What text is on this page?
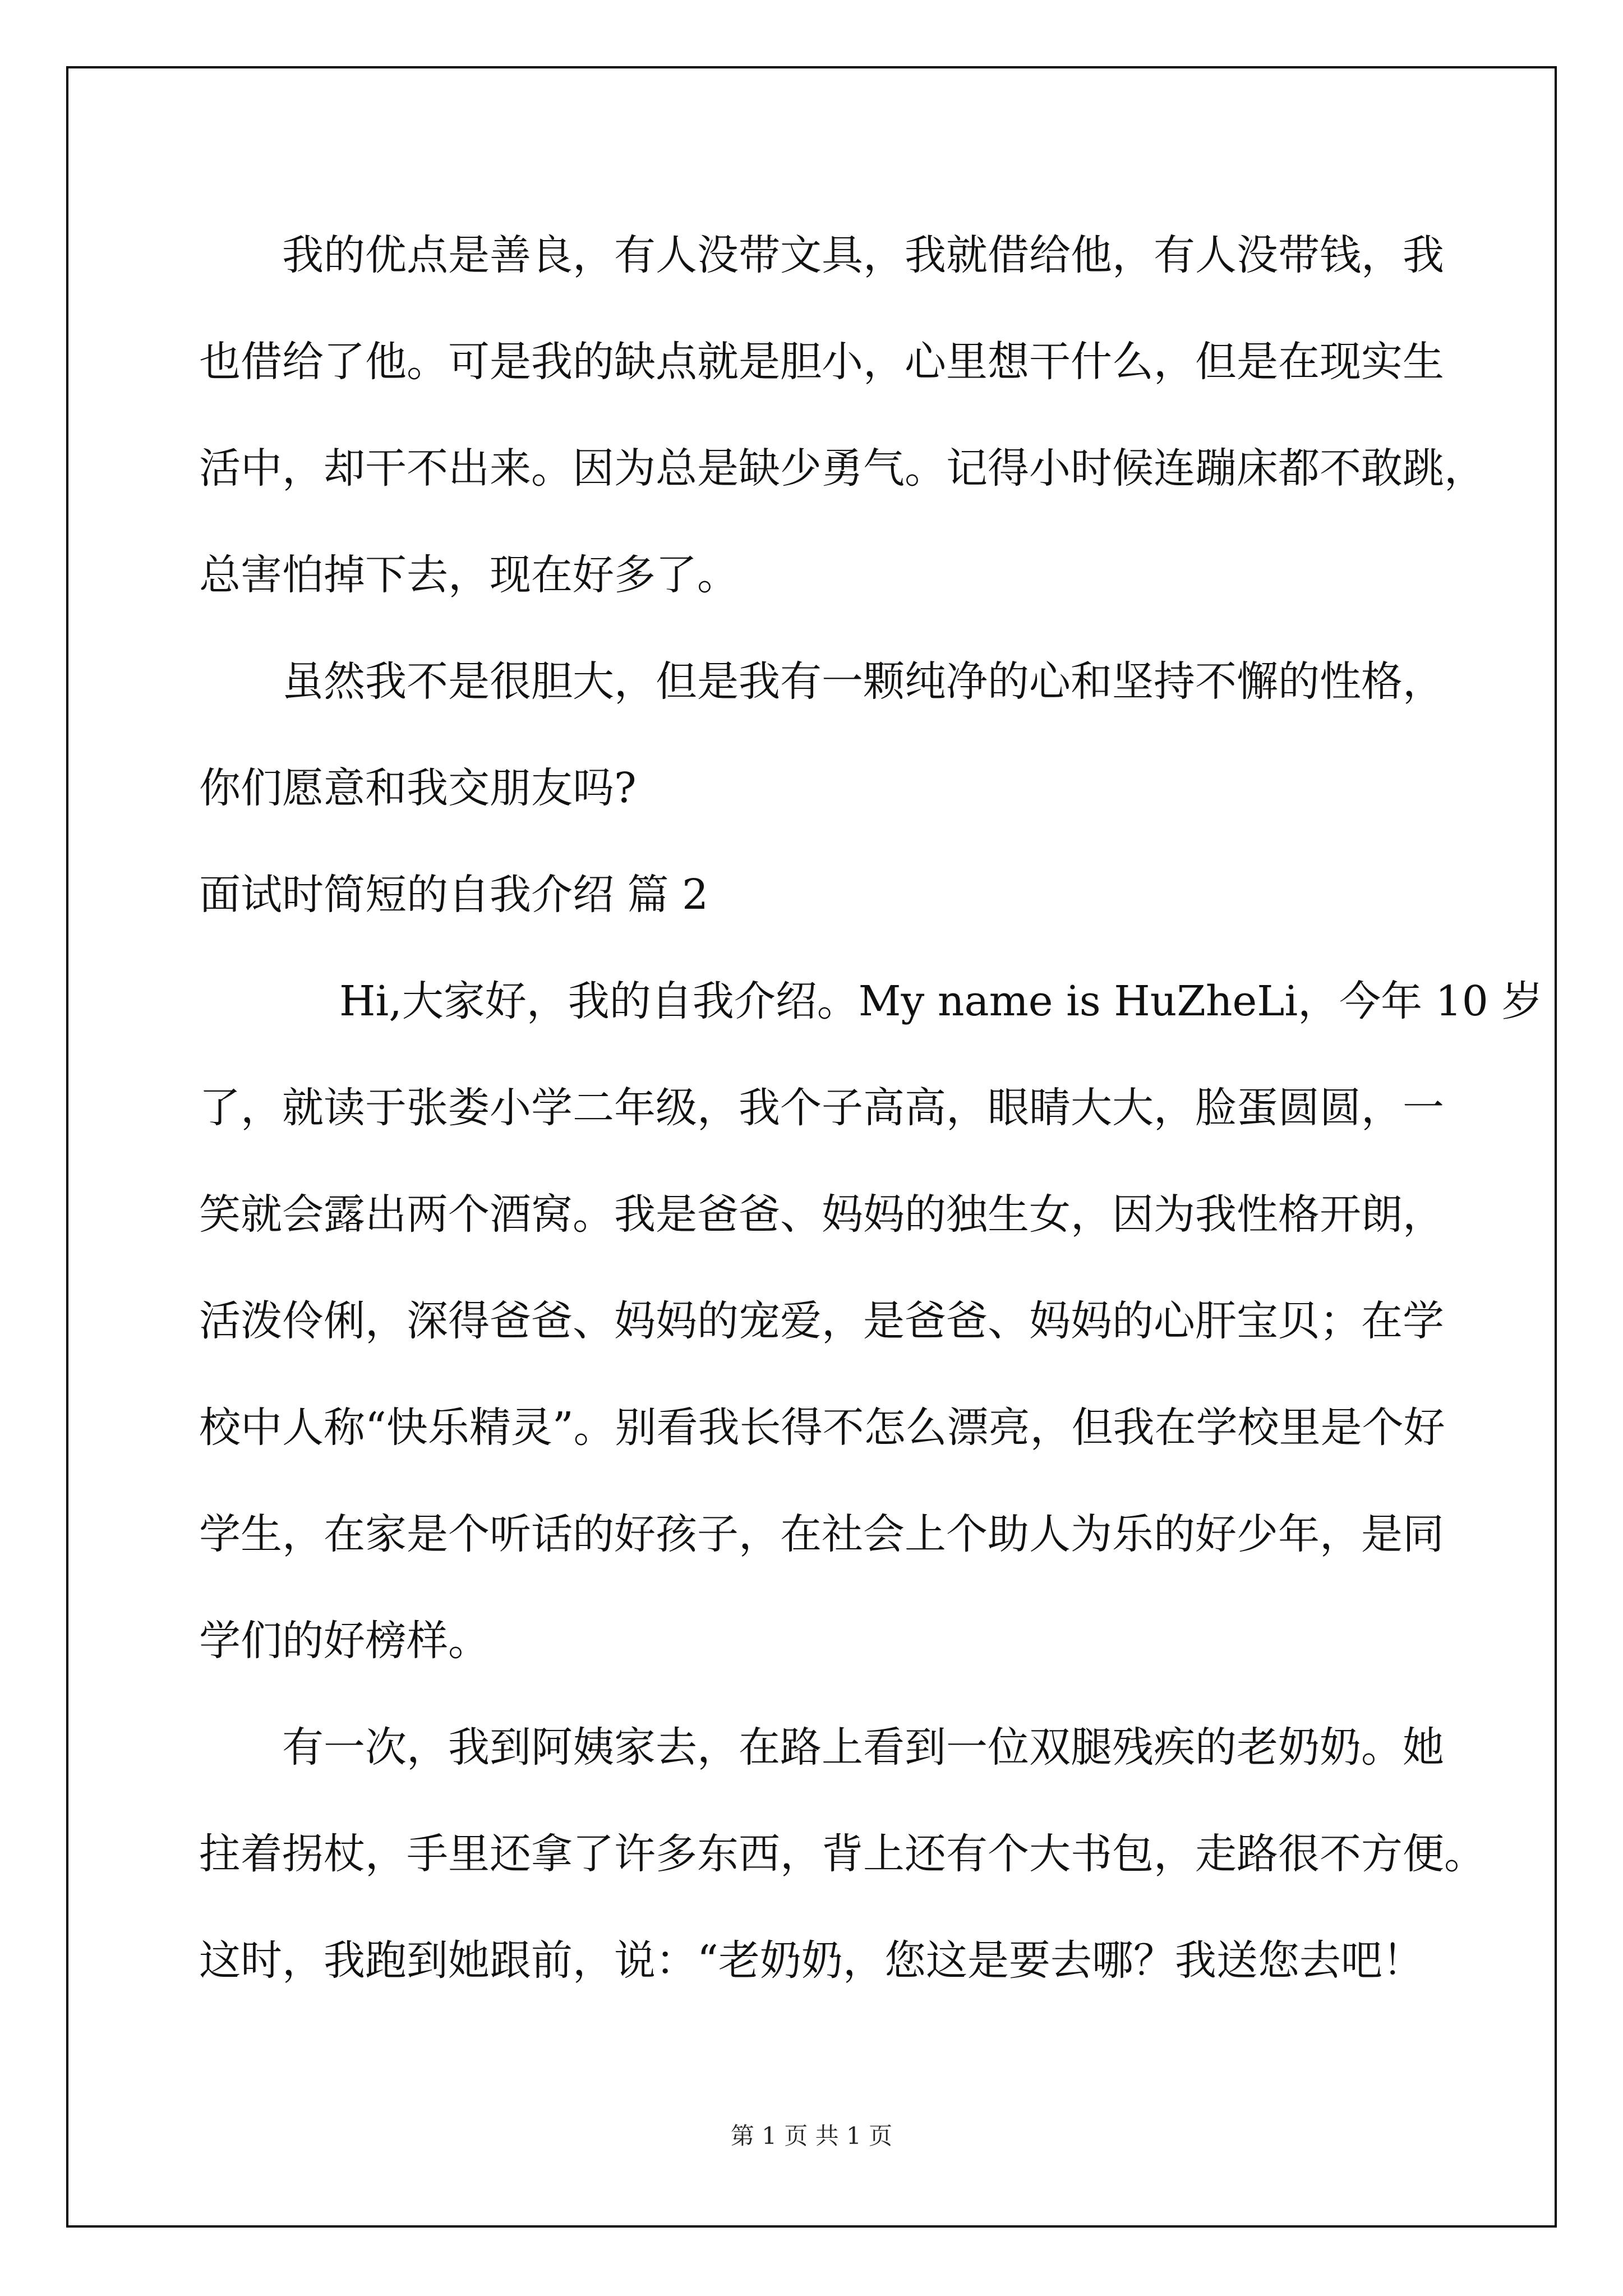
我的优点是善良，有人没带文具，我就借给他，有人没带钱，我
也借给了他。可是我的缺点就是胆小，心里想干什么，但是在现实生
活中，却干不出来。因为总是缺少勇气。记得小时候连蹦床都不敢跳，
总害怕掉下去，现在好多了。
虽然我不是很胆大，但是我有一颗纯净的心和坚持不懈的性格，
你们愿意和我交朋友吗?
面试时简短的自我介绍 篇 2
Hi,大家好，我的自我介绍。My name is HuZheLi，今年 10 岁
了，就读于张娄小学二年级，我个子高高，眼睛大大，脸蛋圆圆，一
笑就会露出两个酒窝。我是爸爸、妈妈的独生女，因为我性格开朗，
活泼伶俐，深得爸爸、妈妈的宠爱，是爸爸、妈妈的心肝宝贝；在学
校中人称“快乐精灵”。别看我长得不怎么漂亮，但我在学校里是个好
学生，在家是个听话的好孩子，在社会上个助人为乐的好少年，是同
学们的好榜样。
有一次，我到阿姨家去，在路上看到一位双腿残疾的老奶奶。她
拄着拐杖，手里还拿了许多东西，背上还有个大书包，走路很不方便。
这时，我跑到她跟前，说：“老奶奶，您这是要去哪？我送您去吧！
第 1 页 共 1 页
